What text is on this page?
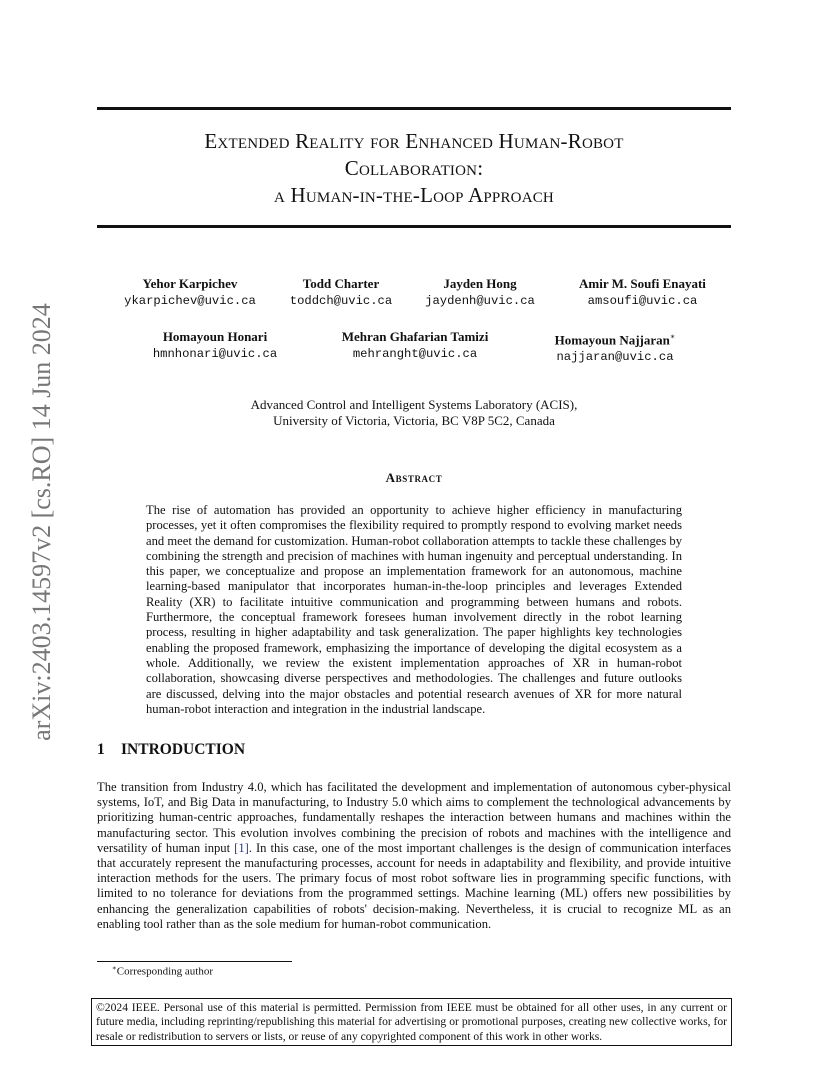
arXiv:2403.14597v2 [cs.RO] 14 Jun 2024
Extended Reality for Enhanced Human-Robot
Collaboration:
a Human-in-the-Loop Approach
Yehor Karpichev
ykarpichev@uvic.ca
Todd Charter
toddch@uvic.ca
Jayden Hong
jaydenh@uvic.ca
Amir M. Soufi Enayati
amsoufi@uvic.ca
Homayoun Honari
hmnhonari@uvic.ca
Mehran Ghafarian Tamizi
mehranght@uvic.ca
Homayoun Najjaran∗
najjaran@uvic.ca
Advanced Control and Intelligent Systems Laboratory (ACIS),
University of Victoria, Victoria, BC V8P 5C2, Canada
Abstract
The rise of automation has provided an opportunity to achieve higher efficiency in manufacturing processes, yet it often compromises the flexibility required to promptly respond to evolving market needs and meet the demand for customization. Human-robot collaboration attempts to tackle these challenges by combining the strength and precision of machines with human ingenuity and perceptual understanding. In this paper, we conceptualize and propose an implementation framework for an autonomous, machine learning-based manipulator that incorporates human-in-the-loop principles and leverages Extended Reality (XR) to facilitate intuitive communication and programming between humans and robots. Furthermore, the conceptual framework foresees human involvement directly in the robot learning process, resulting in higher adaptability and task generalization. The paper highlights key technologies enabling the proposed framework, emphasizing the importance of developing the digital ecosystem as a whole. Additionally, we review the existent implementation approaches of XR in human-robot collaboration, showcasing diverse perspectives and methodologies. The challenges and future outlooks are discussed, delving into the major obstacles and potential research avenues of XR for more natural human-robot interaction and integration in the industrial landscape.
1 INTRODUCTION
The transition from Industry 4.0, which has facilitated the development and implementation of autonomous cyber-physical systems, IoT, and Big Data in manufacturing, to Industry 5.0 which aims to complement the technological advancements by prioritizing human-centric approaches, fundamentally reshapes the interaction between humans and machines within the manufacturing sector. This evolution involves combining the precision of robots and machines with the intelligence and versatility of human input [1]. In this case, one of the most important challenges is the design of communication interfaces that accurately represent the manufacturing processes, account for needs in adaptability and flexibility, and provide intuitive interaction methods for the users. The primary focus of most robot software lies in programming specific functions, with limited to no tolerance for deviations from the programmed settings. Machine learning (ML) offers new possibilities by enhancing the generalization capabilities of robots' decision-making. Nevertheless, it is crucial to recognize ML as an enabling tool rather than as the sole medium for human-robot communication.
∗Corresponding author
©2024 IEEE. Personal use of this material is permitted. Permission from IEEE must be obtained for all other uses, in any current or future media, including reprinting/republishing this material for advertising or promotional purposes, creating new collective works, for resale or redistribution to servers or lists, or reuse of any copyrighted component of this work in other works.
